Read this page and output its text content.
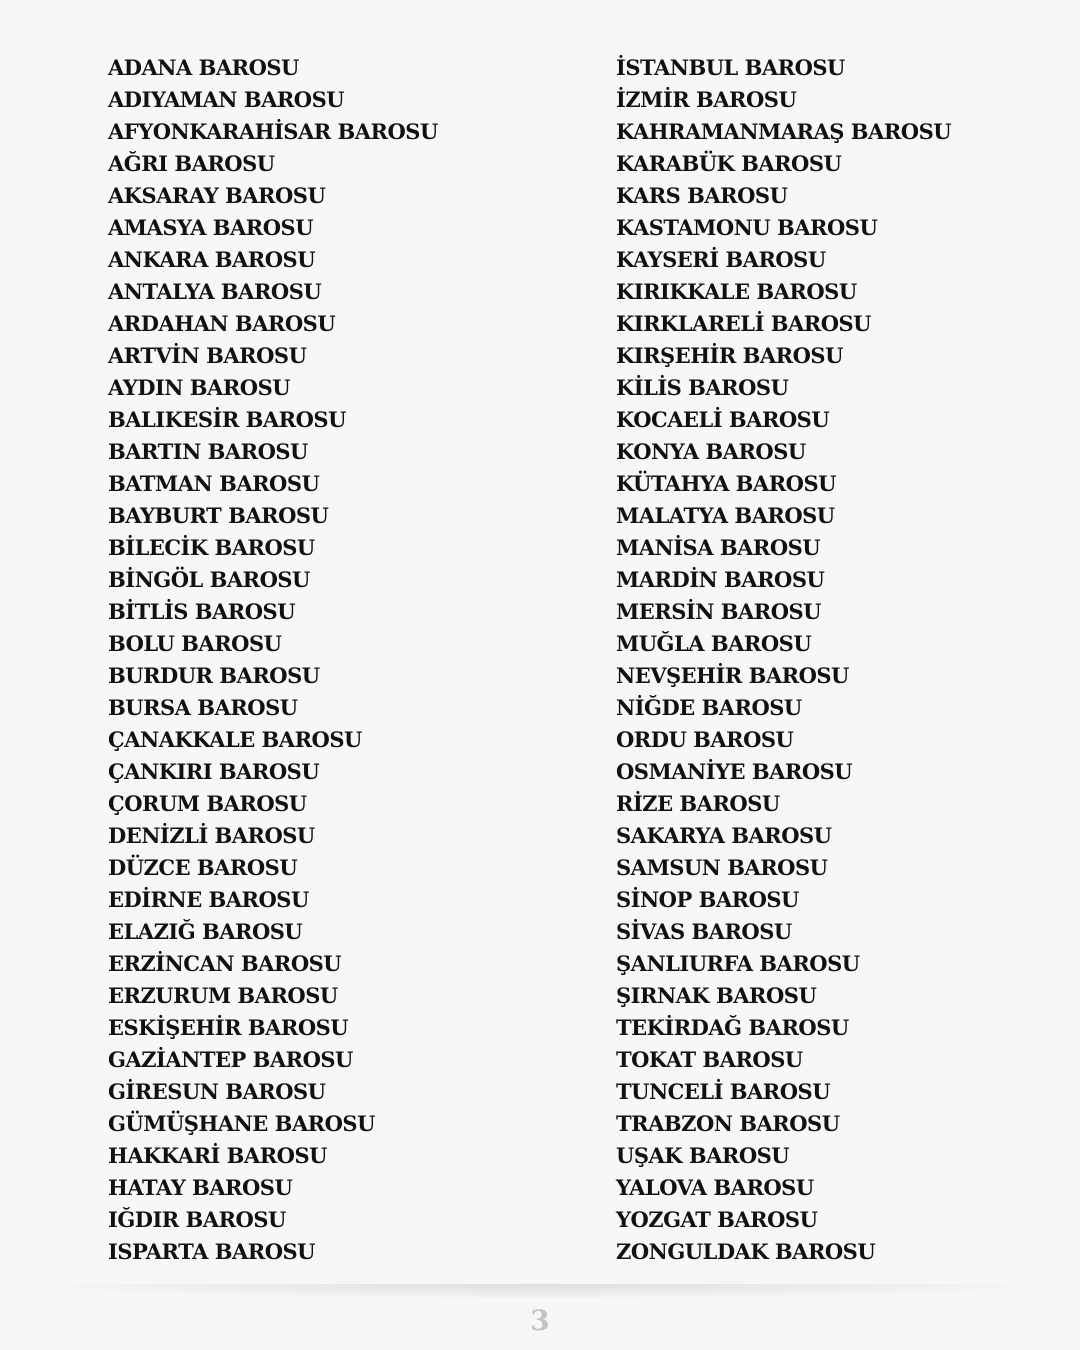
ADANA BAROSU
ADIYAMAN BAROSU
AFYONKARAHİSAR BAROSU
AĞRI BAROSU
AKSARAY BAROSU
AMASYA BAROSU
ANKARA BAROSU
ANTALYA BAROSU
ARDAHAN BAROSU
ARTVİN BAROSU
AYDIN BAROSU
BALIKESİR BAROSU
BARTIN BAROSU
BATMAN BAROSU
BAYBURT BAROSU
BİLECİK BAROSU
BİNGÖL BAROSU
BİTLİS BAROSU
BOLU BAROSU
BURDUR BAROSU
BURSA BAROSU
ÇANAKKALE BAROSU
ÇANKIRI BAROSU
ÇORUM BAROSU
DENİZLİ BAROSU
DÜZCE BAROSU
EDİRNE BAROSU
ELAZIĞ BAROSU
ERZİNCAN BAROSU
ERZURUM BAROSU
ESKİŞEHİR BAROSU
GAZİANTEP BAROSU
GİRESUN BAROSU
GÜMÜŞHANE BAROSU
HAKKARİ BAROSU
HATAY BAROSU
IĞDIR BAROSU
ISPARTA BAROSU
İSTANBUL BAROSU
İZMİR BAROSU
KAHRAMANMARAŞ BAROSU
KARABÜK BAROSU
KARS BAROSU
KASTAMONU BAROSU
KAYSERİ BAROSU
KIRIKKALE BAROSU
KIRKLARELİ BAROSU
KIRŞEHİR BAROSU
KİLİS BAROSU
KOCAELİ BAROSU
KONYA BAROSU
KÜTAHYA BAROSU
MALATYA BAROSU
MANİSA BAROSU
MARDİN BAROSU
MERSİN BAROSU
MUĞLA BAROSU
NEVŞEHİR BAROSU
NİĞDE BAROSU
ORDU BAROSU
OSMANİYE BAROSU
RİZE BAROSU
SAKARYA BAROSU
SAMSUN BAROSU
SİNOP BAROSU
SİVAS BAROSU
ŞANLIURFA BAROSU
ŞIRNAK BAROSU
TEKİRDAĞ BAROSU
TOKAT BAROSU
TUNCELİ BAROSU
TRABZON BAROSU
UŞAK BAROSU
YALOVA BAROSU
YOZGAT BAROSU
ZONGULDAK BAROSU
3
